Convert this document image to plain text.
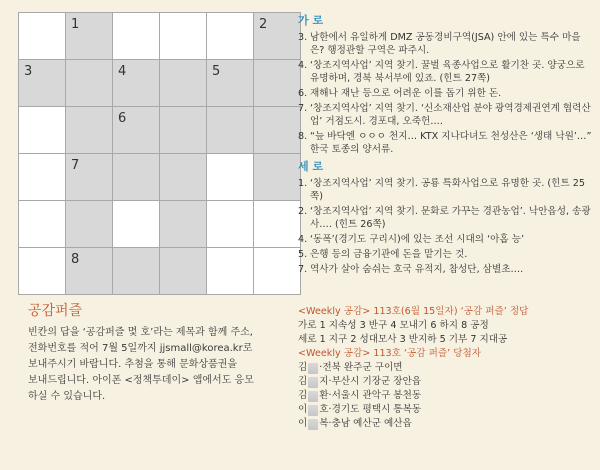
	1				2

3		4		5	

		6			

	7				

	8				

공감퍼즐
빈칸의 답을 ‘공감퍼즐 몇 호’라는 제목과 함께 주소,
전화번호를 적어 7월 5일까지 jjsmall@korea.kr로
보내주시기 바랍니다. 추첨을 통해 문화상품권을
보내드립니다. 아이폰 <정책투데이> 앱에서도 응모
하실 수 있습니다.
가 로
3. 남한에서 유일하게 DMZ 공동경비구역(JSA) 안에 있는 특수 마을은? 행정관할 구역은 파주시.
4. ‘창조지역사업’ 지역 찾기. 꿀벌 육종사업으로 활기찬 곳. 양궁으로 유명하며, 경북 북서부에 있죠. (힌트 27쪽)
6. 재해나 재난 등으로 어려운 이를 돕기 위한 돈.
7. ‘창조지역사업’ 지역 찾기. ‘신소재산업 분야 광역경제권연계 협력산업’ 거점도시. 경포대, 오죽헌….
8. “늪 바닥엔 ㅇㅇㅇ 천지… KTX 지나다녀도 천성산은 ‘생태 낙원’…” 한국 토종의 양서류.
세 로
1. ‘창조지역사업’ 지역 찾기. 공룡 특화사업으로 유명한 곳. (힌트 25쪽)
2. ‘창조지역사업’ 지역 찾기. 문화로 가꾸는 경관농업’. 낙안읍성, 송광사…. (힌트 26쪽)
4. ‘동폭’(경기도 구리시)에 있는 조선 시대의 ‘아홉 능’
5. 은행 등의 금융기관에 돈을 맡기는 것.
7. 역사가 살아 숨쉬는 호국 유적지, 참성단, 삼별초….
<Weekly 공감> 113호(6월 15일자) ‘공감 퍼즐’ 정답
가로 1 지속성 3 반구 4 모내기 6 하지 8 공정
세로 1 지구 2 성대모사 3 반지하 5 기부 7 지대공
<Weekly 공감> 113호 ‘공감 퍼즐’ 당첨자
김 ·전북 완주군 구이면
김 지·부산시 기장군 장안읍
김 환·서울시 관악구 봉천동
이 호·경기도 평택시 통복동
이 복·충남 예산군 예산읍
